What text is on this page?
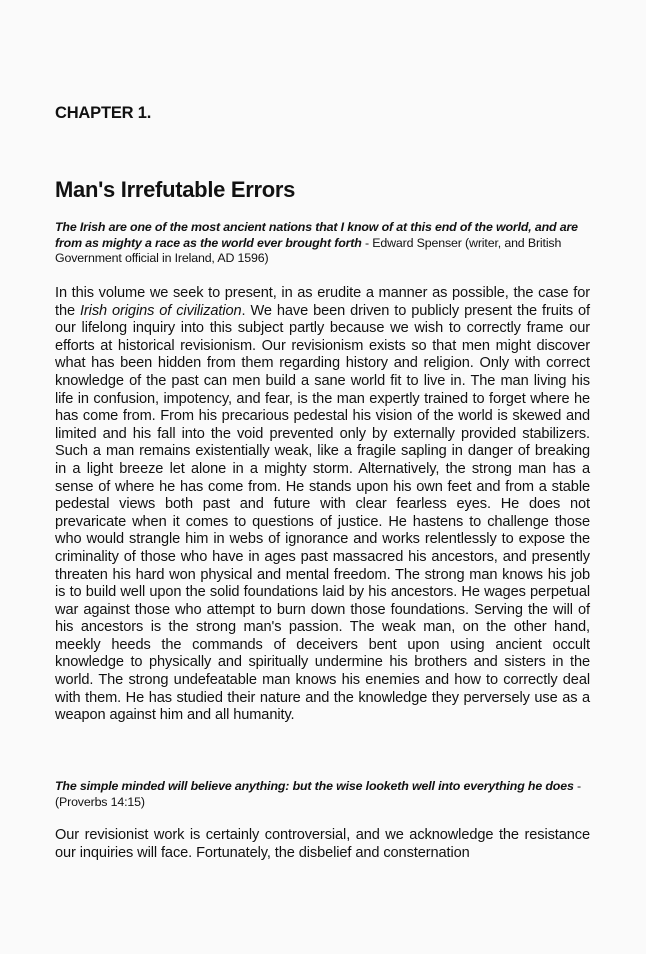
CHAPTER 1.
Man's Irrefutable Errors

The Irish are one of the most ancient nations that I know of at this end of the world, and are from as mighty a race as the world ever brought forth - Edward Spenser (writer, and British Government official in Ireland, AD 1596)

In this volume we seek to present, in as erudite a manner as possible, the case for the Irish origins of civilization. We have been driven to publicly present the fruits of our lifelong inquiry into this subject partly because we wish to correctly frame our efforts at historical revisionism. Our revisionism exists so that men might discover what has been hidden from them regarding history and religion. Only with correct knowledge of the past can men build a sane world fit to live in. The man living his life in confusion, impotency, and fear, is the man expertly trained to forget where he has come from. From his precarious pedestal his vision of the world is skewed and limited and his fall into the void prevented only by externally provided stabilizers. Such a man remains existentially weak, like a fragile sapling in danger of breaking in a light breeze let alone in a mighty storm. Alternatively, the strong man has a sense of where he has come from. He stands upon his own feet and from a stable pedestal views both past and future with clear fearless eyes. He does not prevaricate when it comes to questions of justice. He hastens to challenge those who would strangle him in webs of ignorance and works relentlessly to expose the criminality of those who have in ages past massacred his ancestors, and presently threaten his hard won physical and mental freedom. The strong man knows his job is to build well upon the solid foundations laid by his ancestors. He wages perpetual war against those who attempt to burn down those foundations. Serving the will of his ancestors is the strong man's passion. The weak man, on the other hand, meekly heeds the commands of deceivers bent upon using ancient occult knowledge to physically and spiritually undermine his brothers and sisters in the world. The strong undefeatable man knows his enemies and how to correctly deal with them. He has studied their nature and the knowledge they perversely use as a weapon against him and all humanity.

The simple minded will believe anything: but the wise looketh well into everything he does - (Proverbs 14:15)

Our revisionist work is certainly controversial, and we acknowledge the resistance our inquiries will face. Fortunately, the disbelief and consternation
